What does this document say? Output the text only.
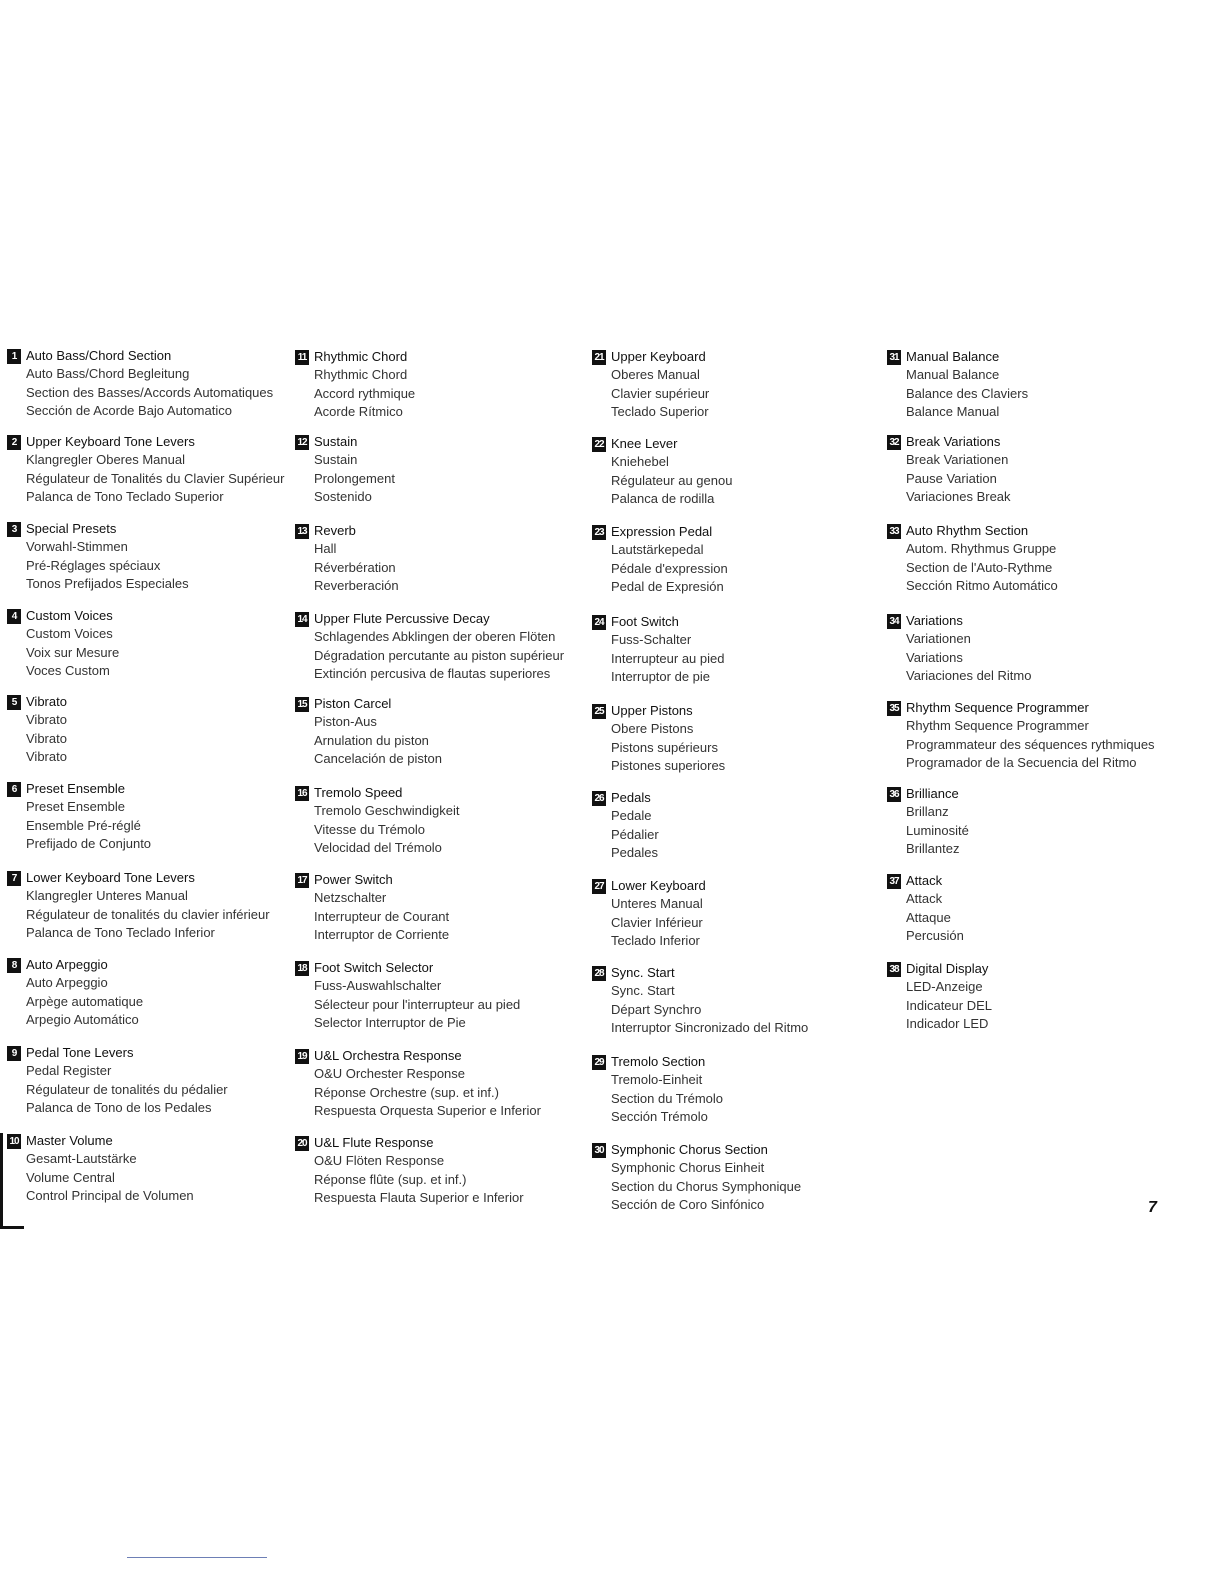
1 Auto Bass/Chord Section
Auto Bass/Chord Begleitung
Section des Basses/Accords Automatiques
Sección de Acorde Bajo Automatico
2 Upper Keyboard Tone Levers
Klangregler Oberes Manual
Régulateur de Tonalités du Clavier Supérieur
Palanca de Tono Teclado Superior
3 Special Presets
Vorwahl-Stimmen
Pré-Réglages spéciaux
Tonos Prefijados Especiales
4 Custom Voices
Custom Voices
Voix sur Mesure
Voces Custom
5 Vibrato
Vibrato
Vibrato
Vibrato
6 Preset Ensemble
Preset Ensemble
Ensemble Pré-réglé
Prefijado de Conjunto
7 Lower Keyboard Tone Levers
Klangregler Unteres Manual
Régulateur de tonalités du clavier inférieur
Palanca de Tono Teclado Inferior
8 Auto Arpeggio
Auto Arpeggio
Arpège automatique
Arpegio Automático
9 Pedal Tone Levers
Pedal Register
Régulateur de tonalités du pédalier
Palanca de Tono de los Pedales
10 Master Volume
Gesamt-Lautstärke
Volume Central
Control Principal de Volumen
11 Rhythmic Chord
Rhythmic Chord
Accord rythmique
Acorde Rítmico
12 Sustain
Sustain
Prolongement
Sostenido
13 Reverb
Hall
Réverbération
Reverberación
14 Upper Flute Percussive Decay
Schlagendes Abklingen der oberen Flöten
Dégradation percutante au piston supérieur
Extinción percusiva de flautas superiores
15 Piston Carcel
Piston-Aus
Arnulation du piston
Cancelación de piston
16 Tremolo Speed
Tremolo Geschwindigkeit
Vitesse du Trémolo
Velocidad del Trémolo
17 Power Switch
Netzschalter
Interrupteur de Courant
Interruptor de Corriente
18 Foot Switch Selector
Fuss-Auswahlschalter
Sélecteur pour l'interrupteur au pied
Selector Interruptor de Pie
19 U&L Orchestra Response
O&U Orchester Response
Réponse Orchestre (sup. et inf.)
Respuesta Orquesta Superior e Inferior
20 U&L Flute Response
O&U Flöten Response
Réponse flûte (sup. et inf.)
Respuesta Flauta Superior e Inferior
21 Upper Keyboard
Oberes Manual
Clavier supérieur
Teclado Superior
22 Knee Lever
Kniehebel
Régulateur au genou
Palanca de rodilla
23 Expression Pedal
Lautstärkepedal
Pédale d'expression
Pedal de Expresión
24 Foot Switch
Fuss-Schalter
Interrupteur au pied
Interruptor de pie
25 Upper Pistons
Obere Pistons
Pistons supérieurs
Pistones superiores
26 Pedals
Pedale
Pédalier
Pedales
27 Lower Keyboard
Unteres Manual
Clavier Inférieur
Teclado Inferior
28 Sync. Start
Sync. Start
Départ Synchro
Interruptor Sincronizado del Ritmo
29 Tremolo Section
Tremolo-Einheit
Section du Trémolo
Sección Trémolo
30 Symphonic Chorus Section
Symphonic Chorus Einheit
Section du Chorus Symphonique
Sección de Coro Sinfónico
31 Manual Balance
Manual Balance
Balance des Claviers
Balance Manual
32 Break Variations
Break Variationen
Pause Variation
Variaciones Break
33 Auto Rhythm Section
Autom. Rhythmus Gruppe
Section de l'Auto-Rythme
Sección Ritmo Automático
34 Variations
Variationen
Variations
Variaciones del Ritmo
35 Rhythm Sequence Programmer
Rhythm Sequence Programmer
Programmateur des séquences rythmiques
Programador de la Secuencia del Ritmo
36 Brilliance
Brillanz
Luminosité
Brillantez
37 Attack
Attack
Attaque
Percusión
38 Digital Display
LED-Anzeige
Indicateur DEL
Indicador LED
7
